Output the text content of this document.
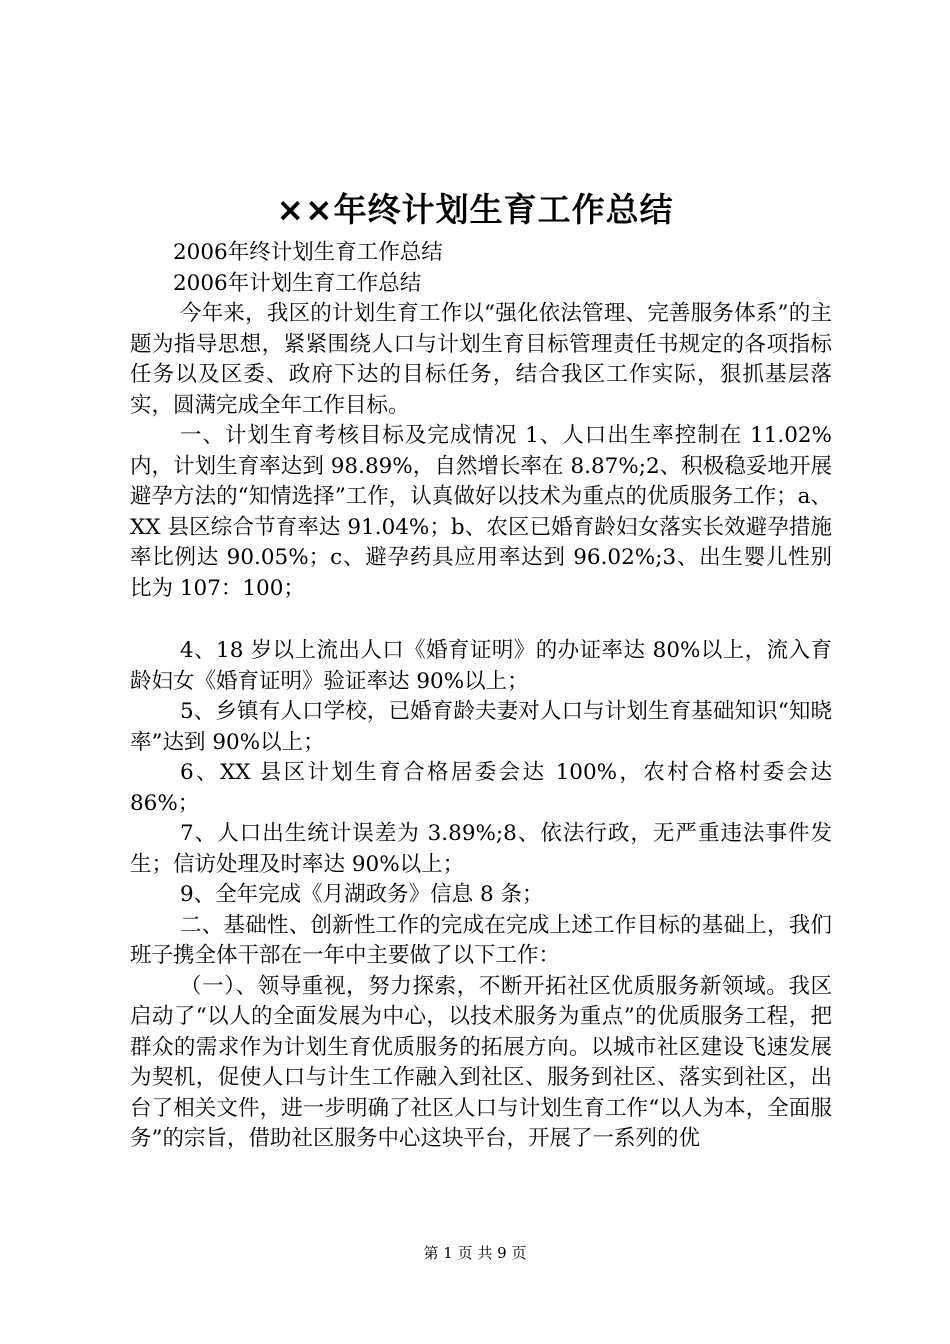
××年终计划生育工作总结

2006年终计划生育工作总结

2006年计划生育工作总结

今年来，我区的计划生育工作以“强化依法管理、完善服务体系”的主题为指导思想，紧紧围绕人口与计划生育目标管理责任书规定的各项指标任务以及区委、政府下达的目标任务，结合我区工作实际，狠抓基层落实，圆满完成全年工作目标。

一、计划生育考核目标及完成情况 1、人口出生率控制在 11.02%内，计划生育率达到 98.89%，自然增长率在 8.87%;2、积极稳妥地开展避孕方法的“知情选择”工作，认真做好以技术为重点的优质服务工作；a、XX 县区综合节育率达 91.04%；b、农区已婚育龄妇女落实长效避孕措施率比例达 90.05%；c、避孕药具应用率达到 96.02%;3、出生婴儿性别比为 107：100；

4、18 岁以上流出人口《婚育证明》的办证率达 80%以上，流入育龄妇女《婚育证明》验证率达 90%以上；

5、乡镇有人口学校，已婚育龄夫妻对人口与计划生育基础知识“知晓率”达到 90%以上；

6、XX 县区计划生育合格居委会达 100%，农村合格村委会达 86%；

7、人口出生统计误差为 3.89%;8、依法行政，无严重违法事件发生；信访处理及时率达 90%以上；

9、全年完成《月湖政务》信息 8 条；

二、基础性、创新性工作的完成在完成上述工作目标的基础上，我们班子携全体干部在一年中主要做了以下工作：

（一）、领导重视，努力探索，不断开拓社区优质服务新领域。我区启动了“以人的全面发展为中心，以技术服务为重点”的优质服务工程，把群众的需求作为计划生育优质服务的拓展方向。以城市社区建设飞速发展为契机，促使人口与计生工作融入到社区、服务到社区、落实到社区，出台了相关文件，进一步明确了社区人口与计划生育工作“以人为本，全面服务”的宗旨，借助社区服务中心这块平台，开展了一系列的优

第 1 页 共 9 页
